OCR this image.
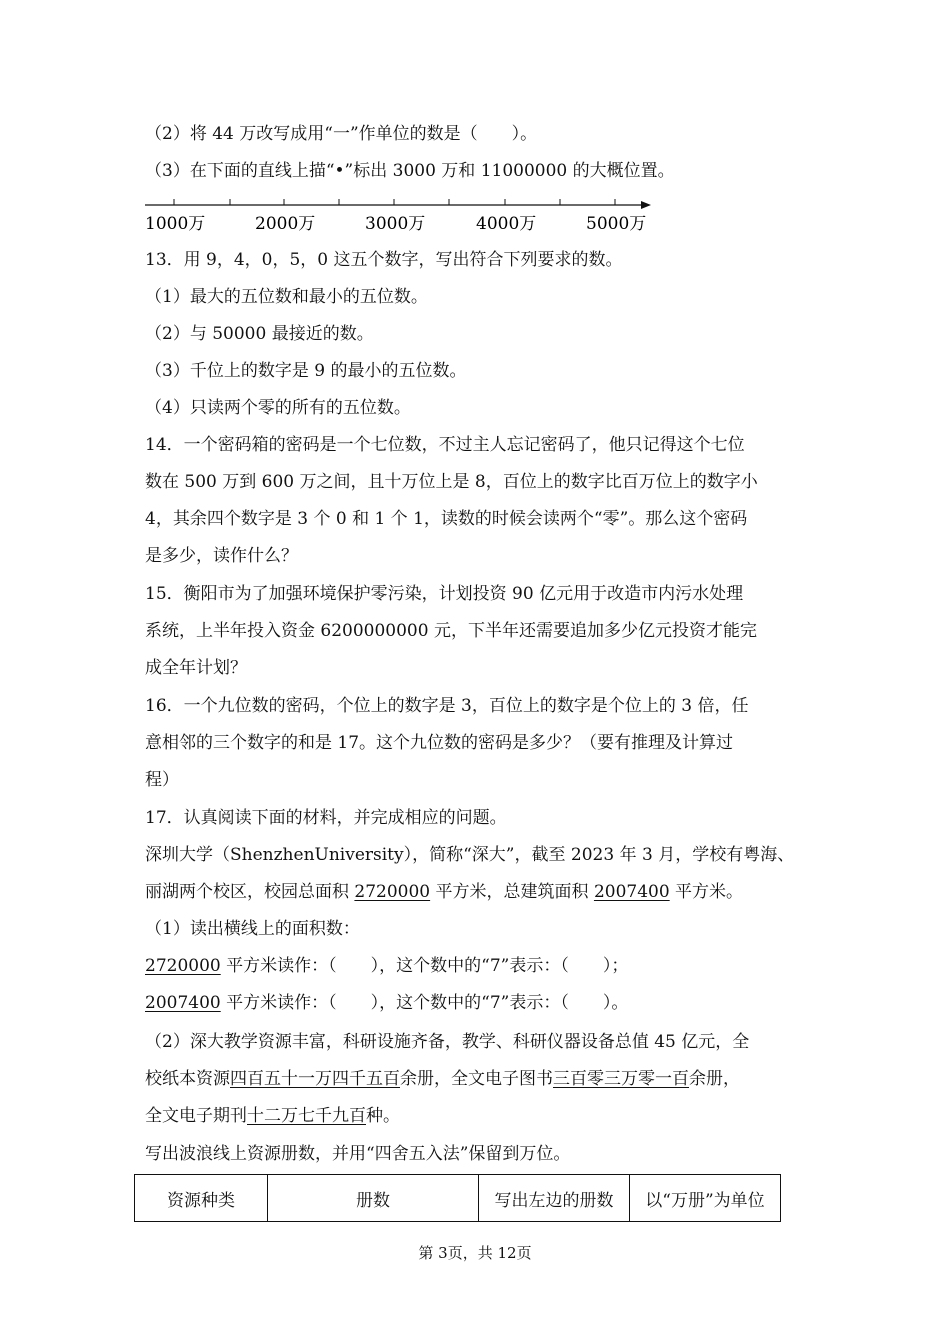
（2）将 44 万改写成用“一”作单位的数是（　　）。
（3）在下面的直线上描“•”标出 3000 万和 11000000 的大概位置。
1000万	2000万	3000万	4000万	5000万
13．用 9，4，0，5，0 这五个数字，写出符合下列要求的数。
（1）最大的五位数和最小的五位数。
（2）与 50000 最接近的数。
（3）千位上的数字是 9 的最小的五位数。
（4）只读两个零的所有的五位数。
14．一个密码箱的密码是一个七位数，不过主人忘记密码了，他只记得这个七位
数在 500 万到 600 万之间，且十万位上是 8，百位上的数字比百万位上的数字小
4，其余四个数字是 3 个 0 和 1 个 1，读数的时候会读两个“零”。那么这个密码
是多少，读作什么？
15．衡阳市为了加强环境保护零污染，计划投资 90 亿元用于改造市内污水处理
系统，上半年投入资金 6200000000 元，下半年还需要追加多少亿元投资才能完
成全年计划？
16．一个九位数的密码，个位上的数字是 3，百位上的数字是个位上的 3 倍，任
意相邻的三个数字的和是 17。这个九位数的密码是多少？（要有推理及计算过
程）
17．认真阅读下面的材料，并完成相应的问题。
深圳大学（ShenzhenUniversity），简称“深大”，截至 2023 年 3 月，学校有粤海、
丽湖两个校区，校园总面积 2720000 平方米，总建筑面积 2007400 平方米。
（1）读出横线上的面积数：
2720000 平方米读作：（　　），这个数中的“7”表示：（　　）；
2007400 平方米读作：（　　），这个数中的“7”表示：（　　）。
（2）深大教学资源丰富，科研设施齐备，教学、科研仪器设备总值 45 亿元，全
校纸本资源四百五十一万四千五百余册，全文电子图书三百零三万零一百余册，
全文电子期刊十二万七千九百种。
写出波浪线上资源册数，并用“四舍五入法”保留到万位。
资源种类	册数	写出左边的册数	以“万册”为单位
第 3页，共 12页
